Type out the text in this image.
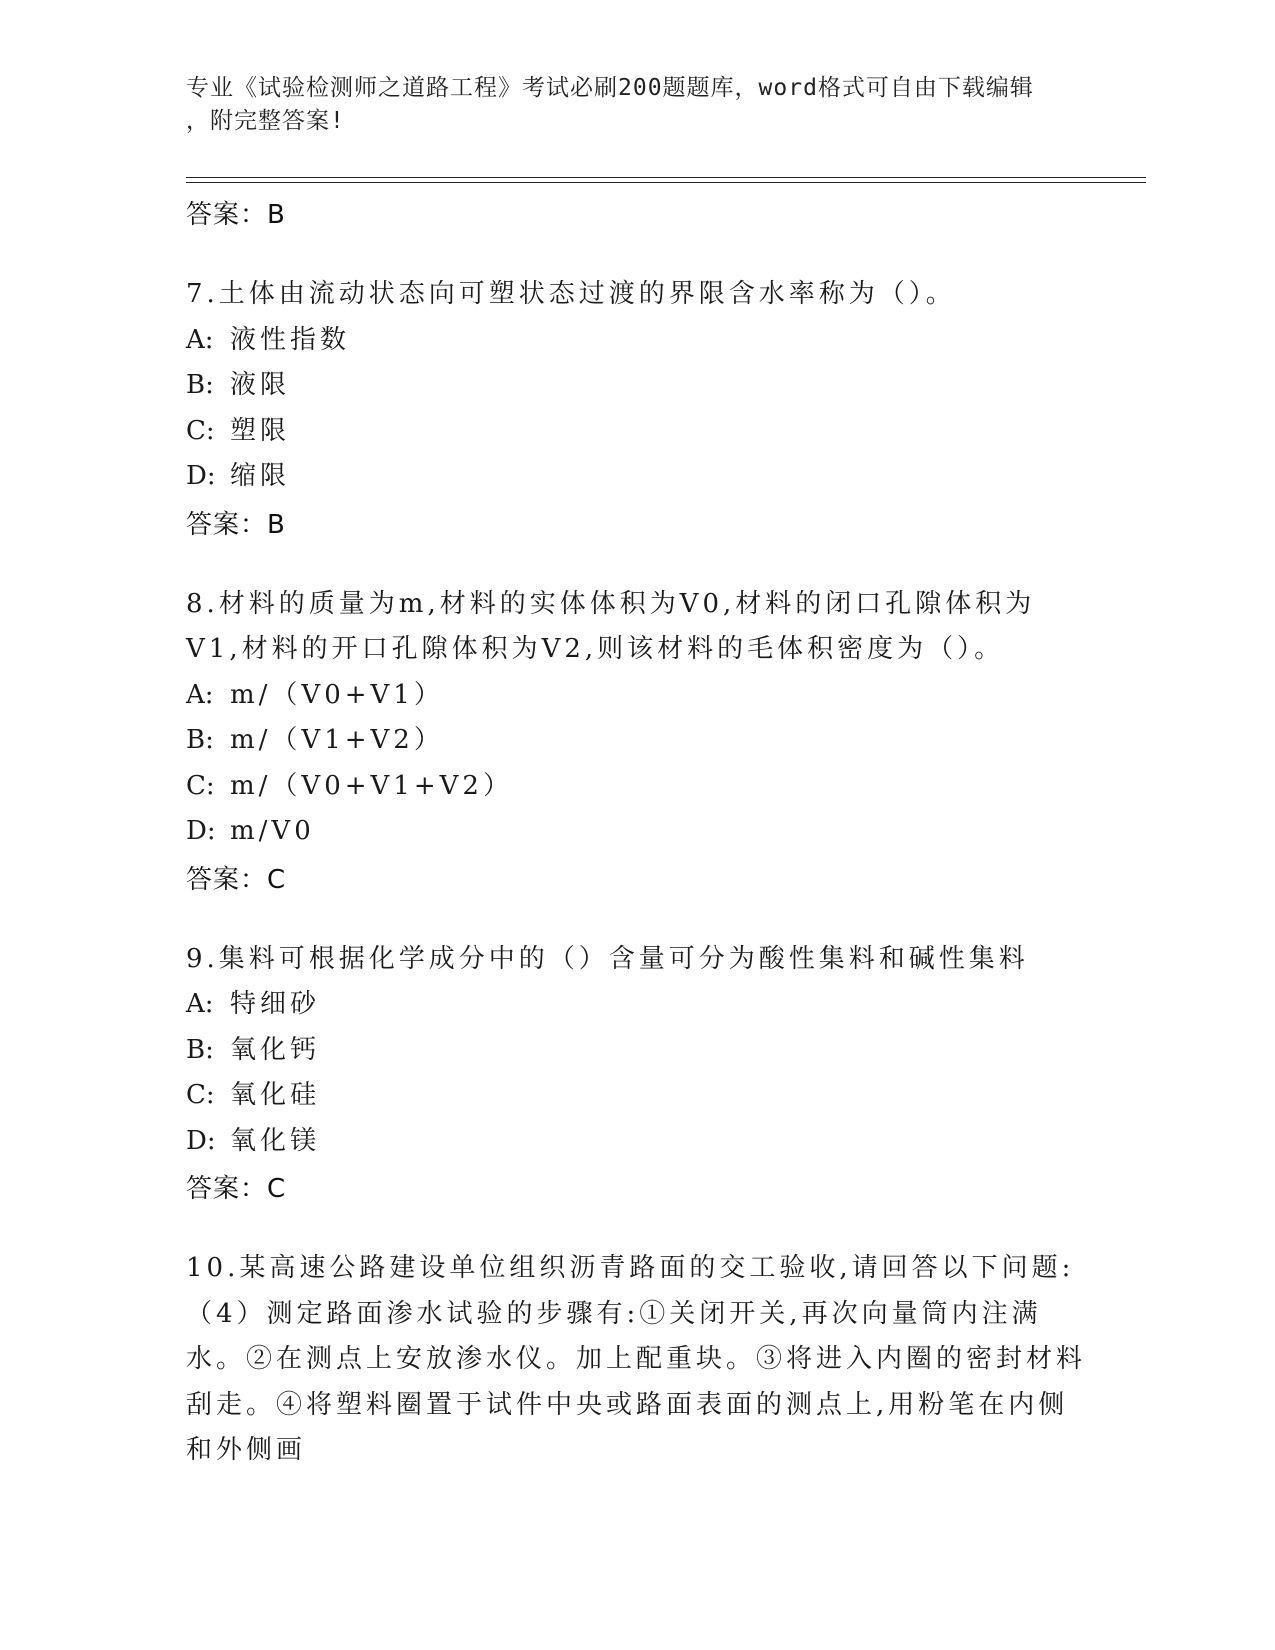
专业《试验检测师之道路工程》考试必刷200题题库，word格式可自由下载编辑
，附完整答案!
答案：B
7.土体由流动状态向可塑状态过渡的界限含水率称为（）。
A: 液性指数
B: 液限
C: 塑限
D: 缩限
答案：B
8.材料的质量为m,材料的实体体积为V0,材料的闭口孔隙体积为V1,材料的开口孔隙体积为V2,则该材料的毛体积密度为（）。
A: m/（V0+V1）
B: m/（V1+V2）
C: m/（V0+V1+V2）
D: m/V0
答案：C
9.集料可根据化学成分中的（）含量可分为酸性集料和碱性集料
A: 特细砂
B: 氧化钙
C: 氧化硅
D: 氧化镁
答案：C
10.某高速公路建设单位组织沥青路面的交工验收,请回答以下问题:（4）测定路面渗水试验的步骤有:①关闭开关,再次向量筒内注满水。②在测点上安放渗水仪。加上配重块。③将进入内圈的密封材料刮走。④将塑料圈置于试件中央或路面表面的测点上,用粉笔在内侧和外侧画
